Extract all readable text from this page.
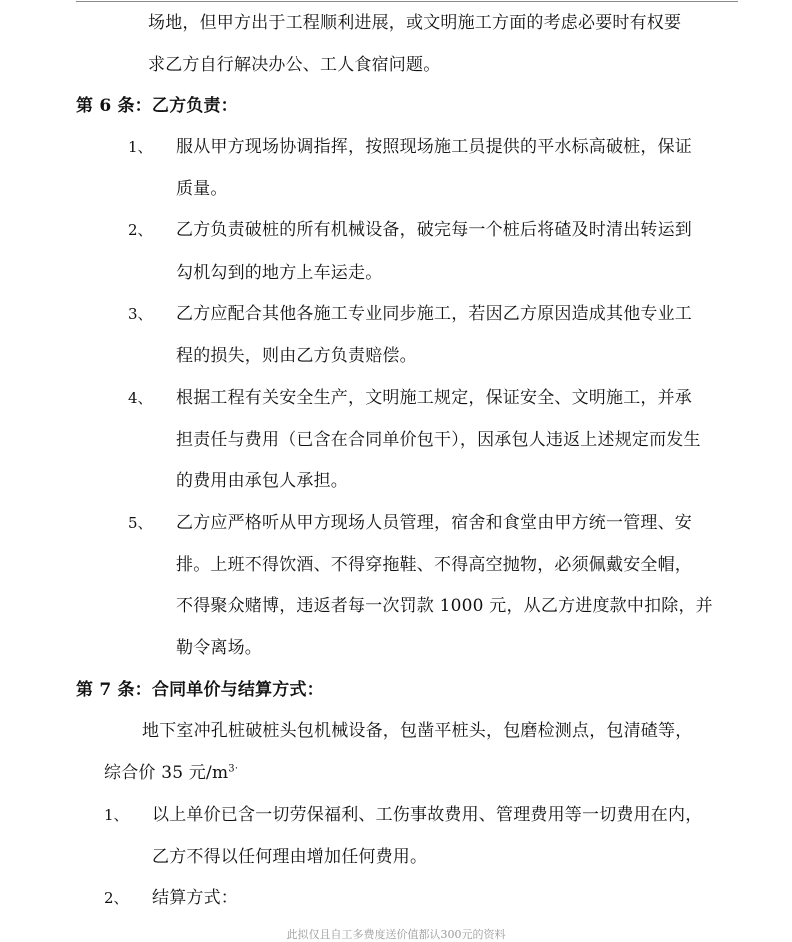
场地，但甲方出于工程顺利进展，或文明施工方面的考虑必要时有权要
求乙方自行解决办公、工人食宿问题。
第 6 条：乙方负责：
1、 服从甲方现场协调指挥，按照现场施工员提供的平水标高破桩，保证
质量。
2、 乙方负责破桩的所有机械设备，破完每一个桩后将碴及时清出转运到
勾机勾到的地方上车运走。
3、 乙方应配合其他各施工专业同步施工，若因乙方原因造成其他专业工
程的损失，则由乙方负责赔偿。
4、 根据工程有关安全生产，文明施工规定，保证安全、文明施工，并承
担责任与费用（已含在合同单价包干），因承包人违返上述规定而发生
的费用由承包人承担。
5、 乙方应严格听从甲方现场人员管理，宿舍和食堂由甲方统一管理、安
排。上班不得饮酒、不得穿拖鞋、不得高空抛物，必须佩戴安全帽，
不得聚众赌博，违返者每一次罚款 1000 元，从乙方进度款中扣除，并
勒令离场。
第 7 条：合同单价与结算方式：
地下室冲孔桩破桩头包机械设备，包凿平桩头，包磨检测点，包清碴等，
综合价 35 元$/m^{3\cdot}$
1、 以上单价已含一切劳保福利、工伤事故费用、管理费用等一切费用在内，
乙方不得以任何理由增加任何费用。
2、 结算方式：
此拟仅且自工多费度送价值都认300元的资料
